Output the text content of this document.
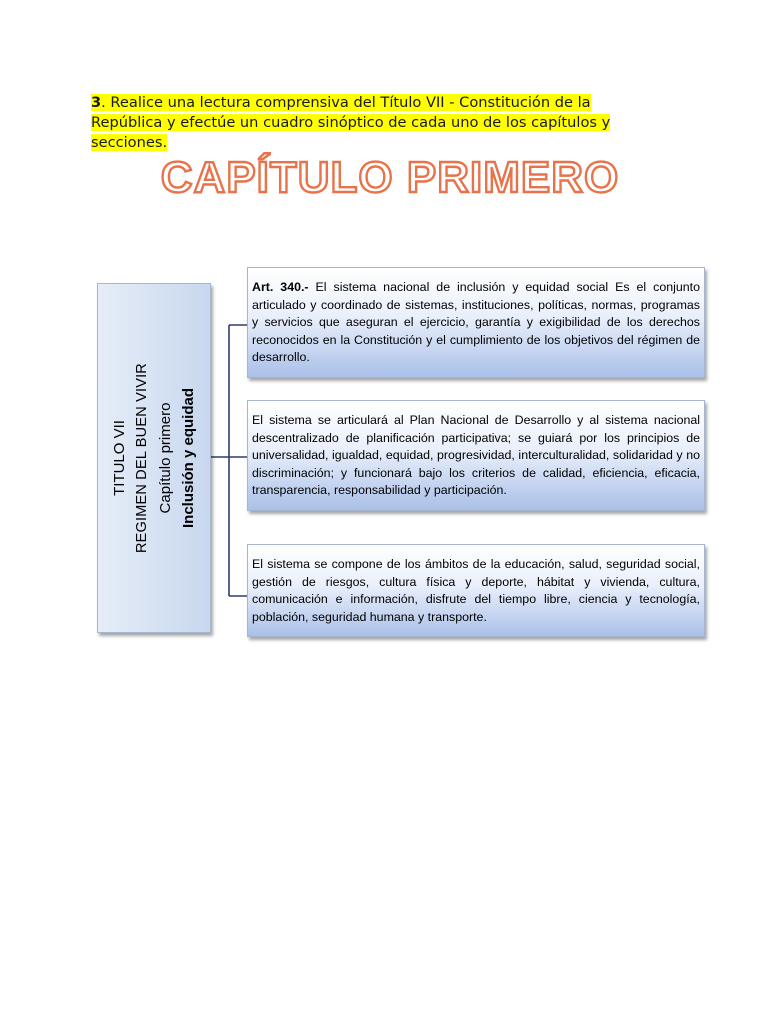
3. Realice una lectura comprensiva del Título VII - Constitución de la República y efectúe un cuadro sinóptico de cada uno de los capítulos y secciones.
CAPÍTULO PRIMERO
TITULO VII REGIMEN DEL BUEN VIVIR Capítulo primero Inclusión y equidad
Art. 340.- El sistema nacional de inclusión y equidad social Es el conjunto articulado y coordinado de sistemas, instituciones, políticas, normas, programas y servicios que aseguran el ejercicio, garantía y exigibilidad de los derechos reconocidos en la Constitución y el cumplimiento de los objetivos del régimen de desarrollo.
El sistema se articulará al Plan Nacional de Desarrollo y al sistema nacional descentralizado de planificación participativa; se guiará por los principios de universalidad, igualdad, equidad, progresividad, interculturalidad, solidaridad y no discriminación; y funcionará bajo los criterios de calidad, eficiencia, eficacia, transparencia, responsabilidad y participación.
El sistema se compone de los ámbitos de la educación, salud, seguridad social, gestión de riesgos, cultura física y deporte, hábitat y vivienda, cultura, comunicación e información, disfrute del tiempo libre, ciencia y tecnología, población, seguridad humana y transporte.
